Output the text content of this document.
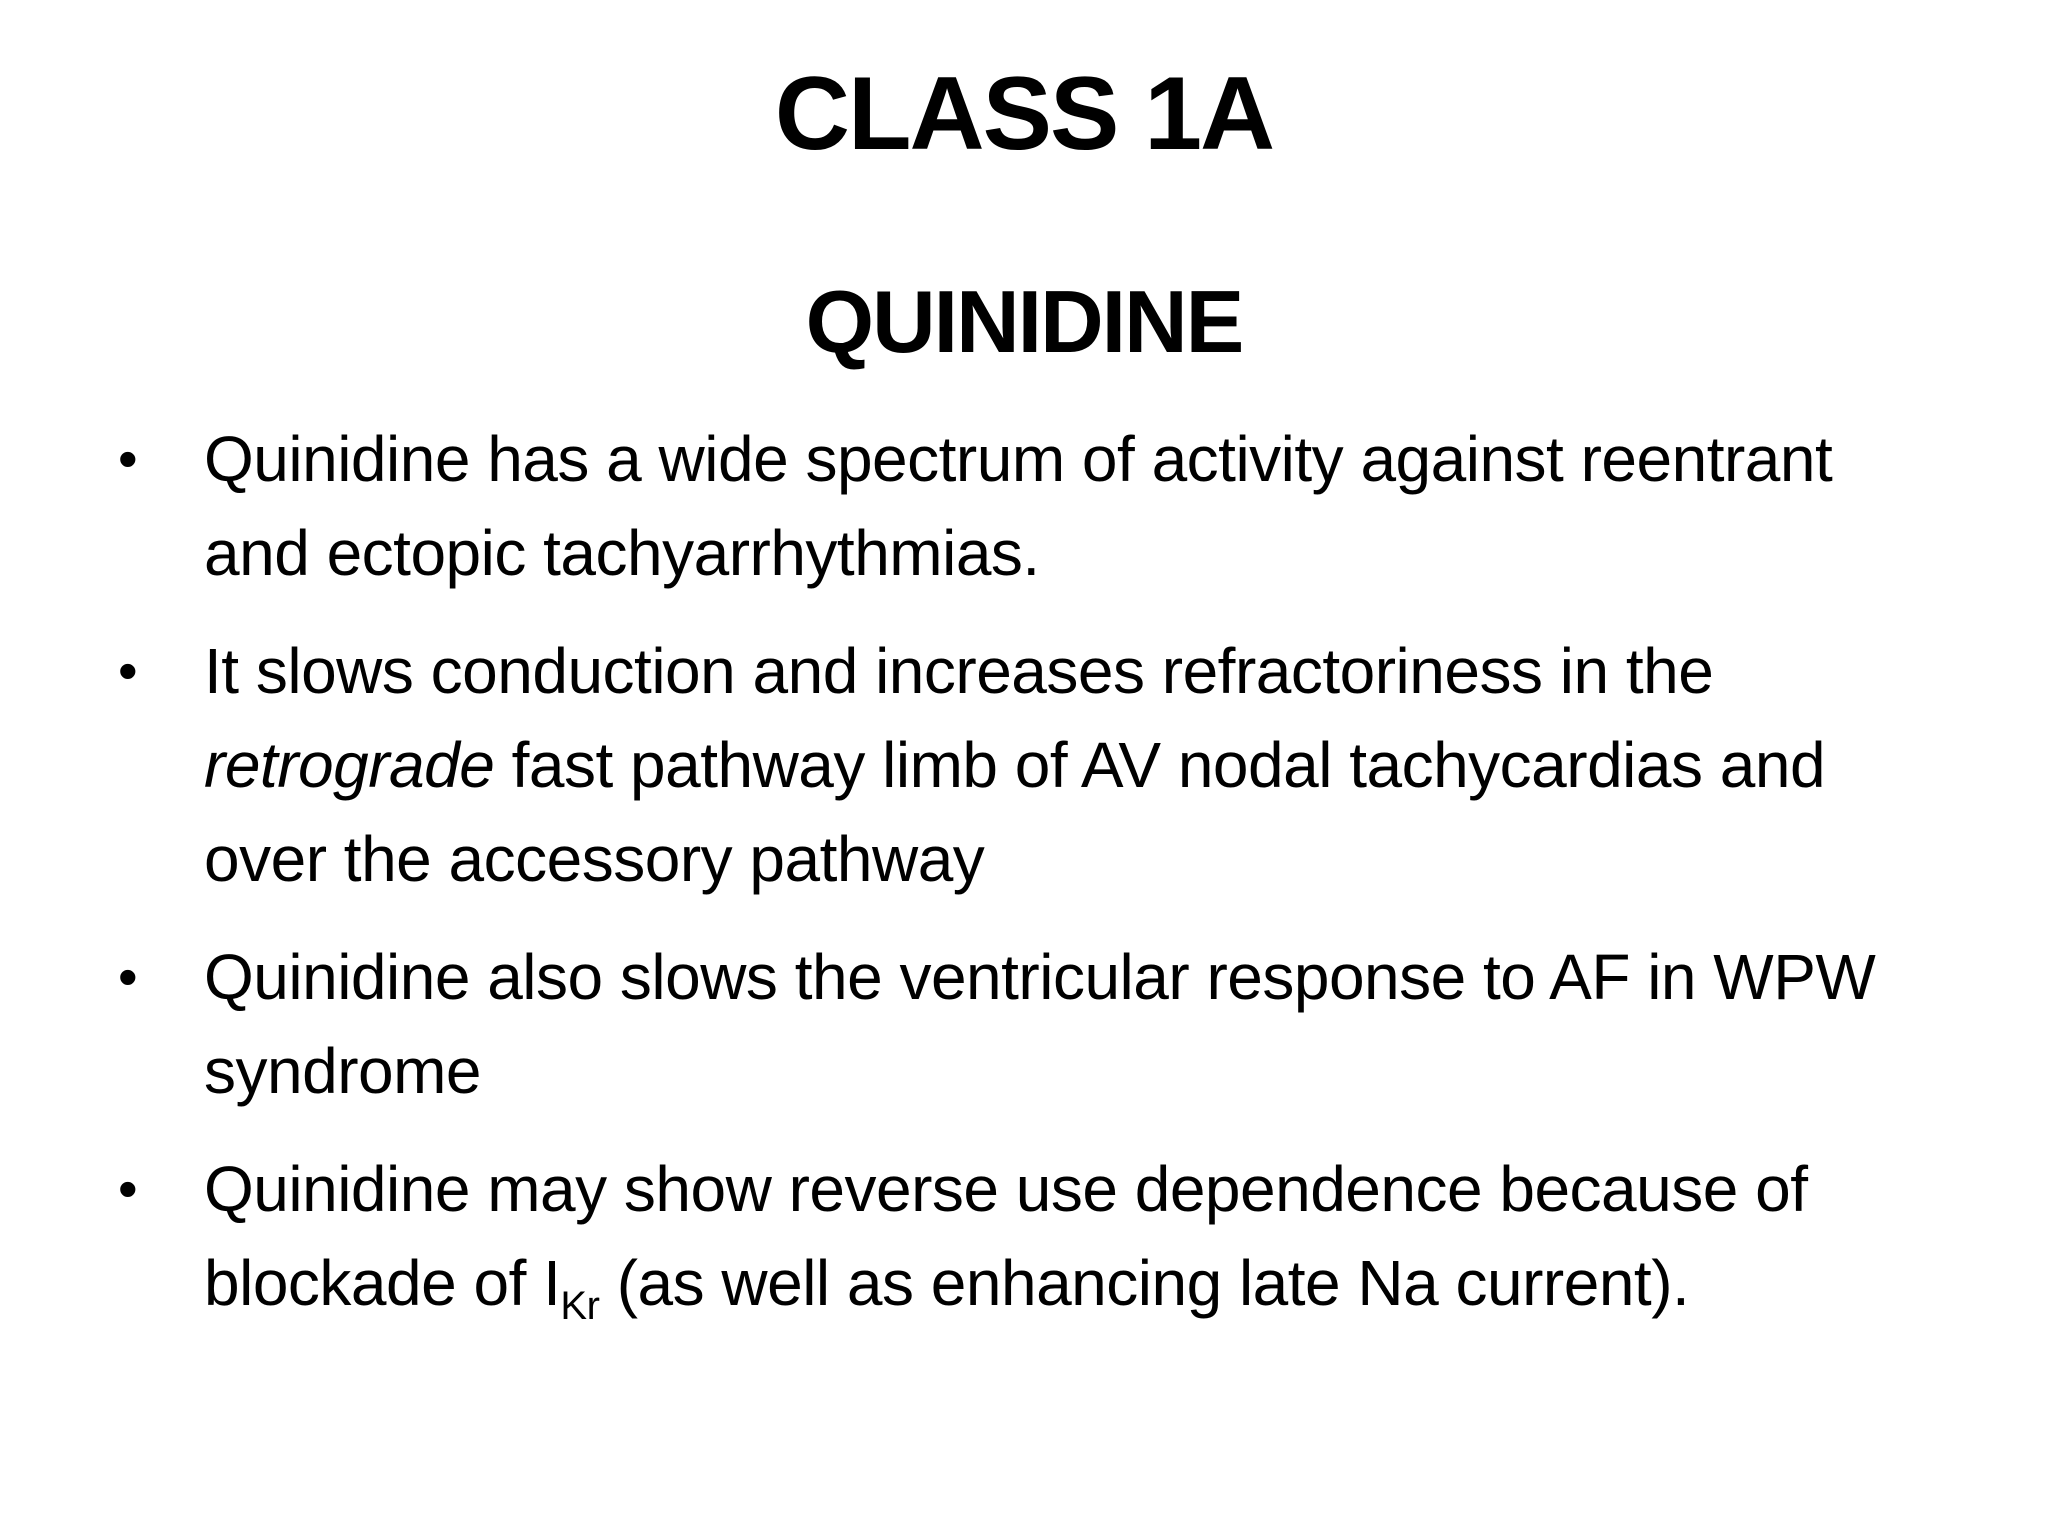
CLASS 1A
QUINIDINE
• Quinidine has a wide spectrum of activity against reentrant and ectopic tachyarrhythmias.
• It slows conduction and increases refractoriness in the retrograde fast pathway limb of AV nodal tachycardias and over the accessory pathway
• Quinidine also slows the ventricular response to AF in WPW syndrome
• Quinidine may show reverse use dependence because of blockade of $I_{Kr}$ (as well as enhancing late Na current).
